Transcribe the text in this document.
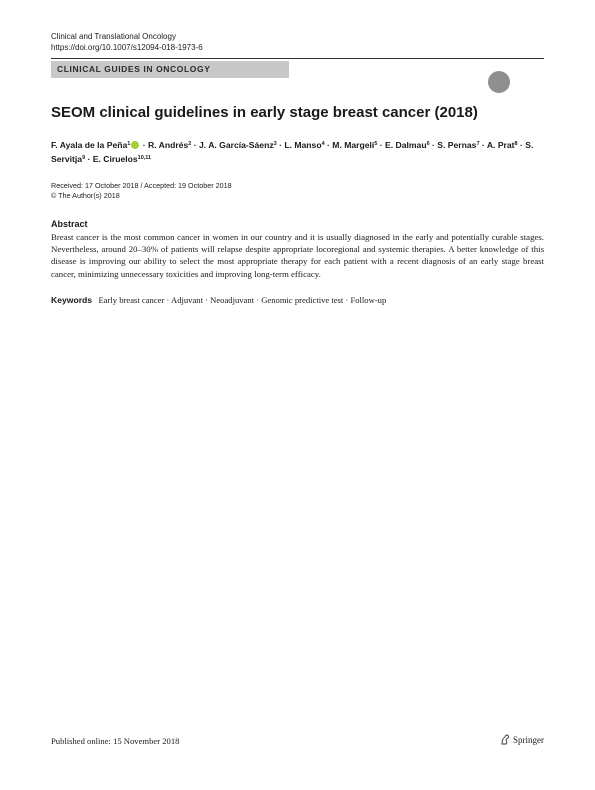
Clinical and Translational Oncology
https://doi.org/10.1007/s12094-018-1973-6
CLINICAL GUIDES IN ONCOLOGY
SEOM clinical guidelines in early stage breast cancer (2018)
F. Ayala de la Peña$^1$ · R. Andrés$^2$ · J. A. García-Sáenz$^3$ · L. Manso$^4$ · M. Margelí$^5$ · E. Dalmau$^6$ · S. Pernas$^7$ · A. Prat$^8$ · S. Servitja$^9$ · E. Ciruelos$^{10,11}$
Received: 17 October 2018 / Accepted: 19 October 2018
© The Author(s) 2018
Abstract
Breast cancer is the most common cancer in women in our country and it is usually diagnosed in the early and potentially curable stages. Nevertheless, around 20–30% of patients will relapse despite appropriate locoregional and systemic therapies. A better knowledge of this disease is improving our ability to select the most appropriate therapy for each patient with a recent diagnosis of an early stage breast cancer, minimizing unnecessary toxicities and improving long-term efficacy.
Keywords Early breast cancer · Adjuvant · Neoadjuvant · Genomic predictive test · Follow-up
Published online: 15 November 2018	Springer
